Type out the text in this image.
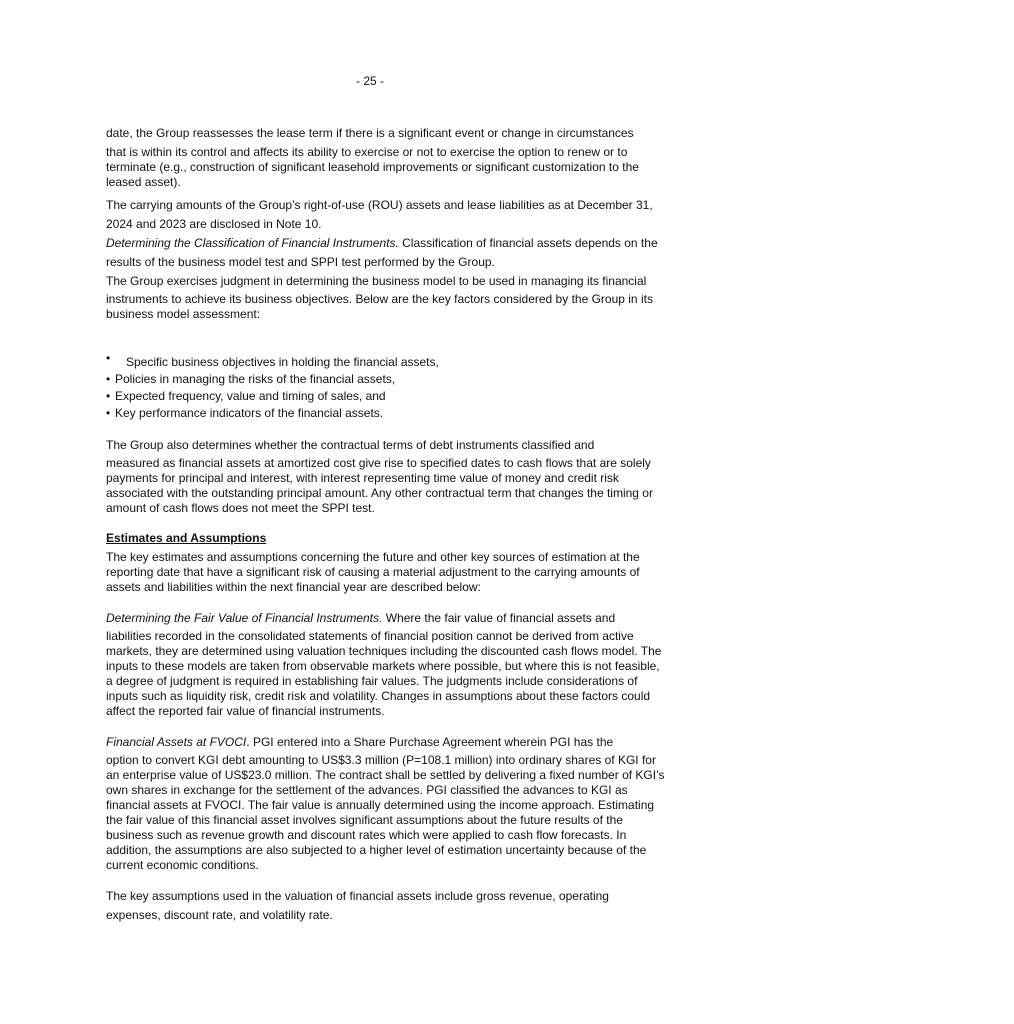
- 25 -

date, the Group reassesses the lease term if there is a significant event or change in circumstances

that is within its control and affects its ability to exercise or not to exercise the option to renew or to terminate (e.g., construction of significant leasehold improvements or significant customization to the leased asset).

The carrying amounts of the Group’s right-of-use (ROU) assets and lease liabilities as at December 31, 2024 and 2023 are disclosed in Note 10.

Determining the Classification of Financial Instruments. Classification of financial assets depends on the results of the business model test and SPPI test performed by the Group.

The Group exercises judgment in determining the business model to be used in managing its financial

instruments to achieve its business objectives. Below are the key factors considered by the Group in its business model assessment:

• Specific business objectives in holding the financial assets,
• Policies in managing the risks of the financial assets,
• Expected frequency, value and timing of sales, and
• Key performance indicators of the financial assets.

The Group also determines whether the contractual terms of debt instruments classified and

measured as financial assets at amortized cost give rise to specified dates to cash flows that are solely payments for principal and interest, with interest representing time value of money and credit risk associated with the outstanding principal amount. Any other contractual term that changes the timing or amount of cash flows does not meet the SPPI test.

Estimates and Assumptions

The key estimates and assumptions concerning the future and other key sources of estimation at the reporting date that have a significant risk of causing a material adjustment to the carrying amounts of assets and liabilities within the next financial year are described below:

Determining the Fair Value of Financial Instruments. Where the fair value of financial assets and

liabilities recorded in the consolidated statements of financial position cannot be derived from active markets, they are determined using valuation techniques including the discounted cash flows model. The inputs to these models are taken from observable markets where possible, but where this is not feasible, a degree of judgment is required in establishing fair values. The judgments include considerations of inputs such as liquidity risk, credit risk and volatility. Changes in assumptions about these factors could affect the reported fair value of financial instruments.

Financial Assets at FVOCI. PGI entered into a Share Purchase Agreement wherein PGI has the

option to convert KGI debt amounting to US$3.3 million (P=108.1 million) into ordinary shares of KGI for an enterprise value of US$23.0 million. The contract shall be settled by delivering a fixed number of KGI’s own shares in exchange for the settlement of the advances. PGI classified the advances to KGI as financial assets at FVOCI. The fair value is annually determined using the income approach. Estimating the fair value of this financial asset involves significant assumptions about the future results of the business such as revenue growth and discount rates which were applied to cash flow forecasts. In addition, the assumptions are also subjected to a higher level of estimation uncertainty because of the current economic conditions.

The key assumptions used in the valuation of financial assets include gross revenue, operating expenses, discount rate, and volatility rate.
